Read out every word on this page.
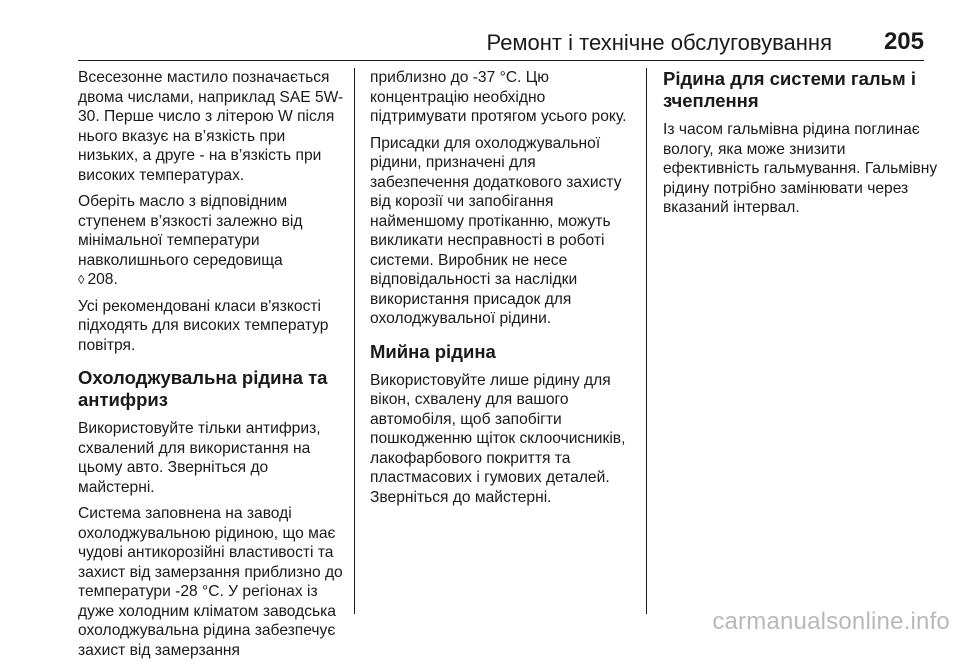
Ремонт і технічне обслуговування 205

Всесезонне мастило позначається двома числами, наприклад SAE 5W-30. Перше число з літерою W після нього вказує на в’язкість при низьких, а друге - на в’язкість при високих температурах.

Оберіть масло з відповідним ступенем в’язкості залежно від мінімальної температури навколишнього середовища
◊ 208.

Усі рекомендовані класи в'язкості підходять для високих температур повітря.

Охолоджувальна рідина та антифриз

Використовуйте тільки антифриз, схвалений для використання на цьому авто. Зверніться до майстерні.

Система заповнена на заводі охолоджувальною рідиною, що має чудові антикорозійні властивості та захист від замерзання приблизно до температури -28 °С. У регіонах із дуже холодним кліматом заводська охолоджувальна рідина забезпечує захист від замерзання

приблизно до -37 °С. Цю концентрацію необхідно підтримувати протягом усього року.

Присадки для охолоджувальної рідини, призначені для забезпечення додаткового захисту від корозії чи запобігання найменшому протіканню, можуть викликати несправності в роботі системи. Виробник не несе відповідальності за наслідки використання присадок для охолоджувальної рідини.

Мийна рідина

Використовуйте лише рідину для вікон, схвалену для вашого автомобіля, щоб запобігти пошкодженню щіток склоочисників, лакофарбового покриття та пластмасових і гумових деталей. Зверніться до майстерні.

Рідина для системи гальм і зчеплення

Із часом гальмівна рідина поглинає вологу, яка може знизити ефективність гальмування. Гальмівну рідину потрібно замінювати через вказаний інтервал.

carmanualsonline.info
